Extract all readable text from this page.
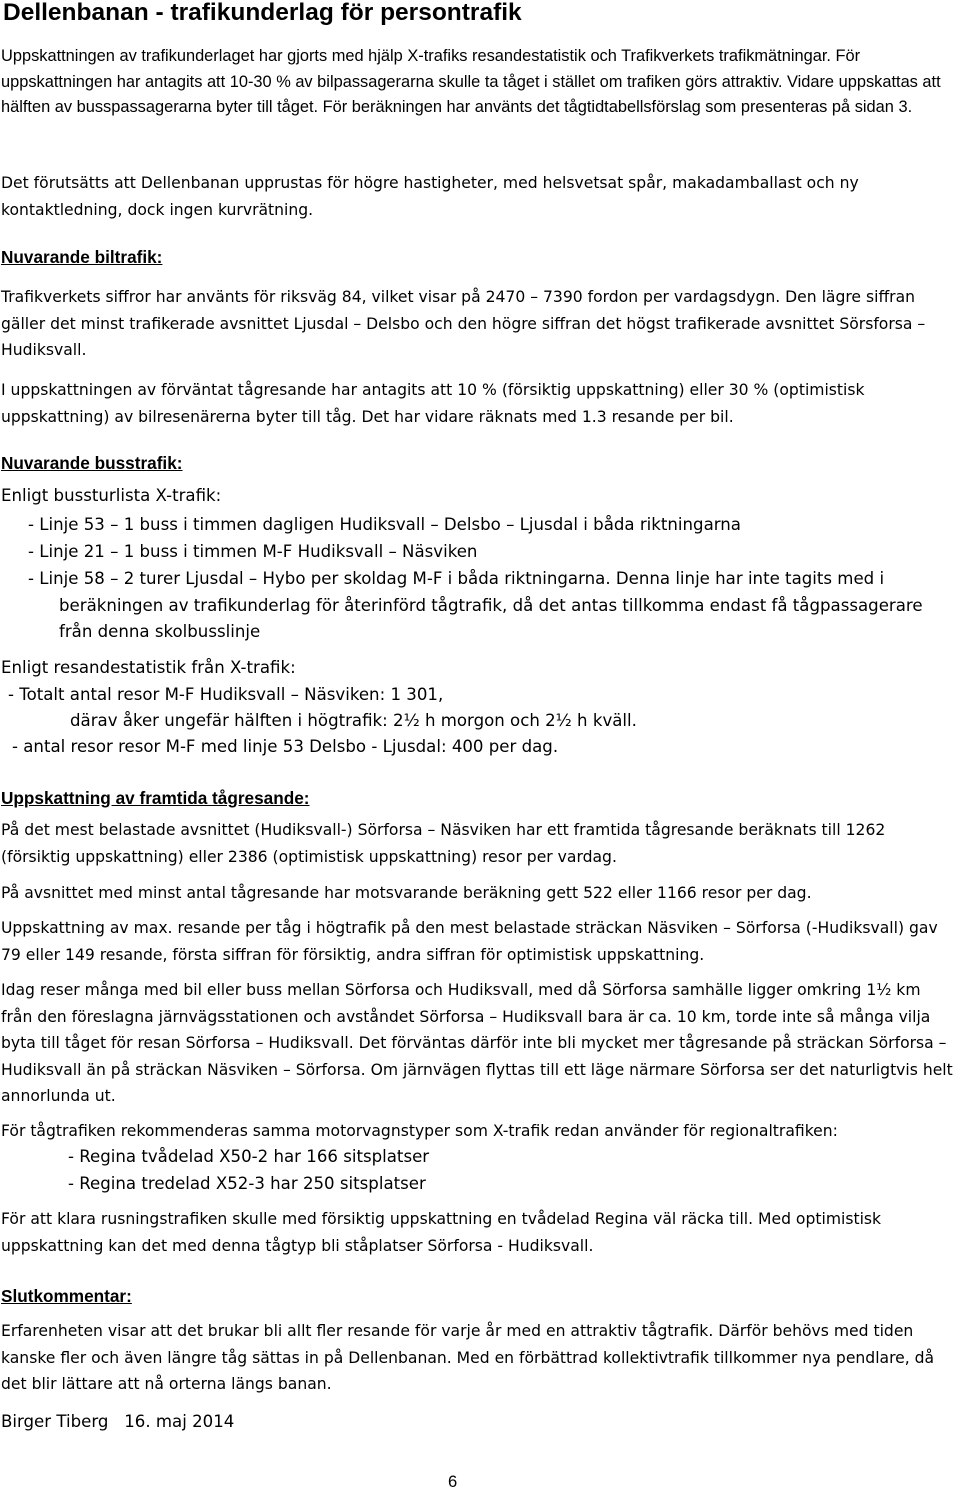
Dellenbanan - trafikunderlag för persontrafik
Uppskattningen av trafikunderlaget har gjorts med hjälp X-trafiks resandestatistik och Trafikverkets trafikmätningar. För uppskattningen har antagits att 10-30 % av bilpassagerarna skulle ta tåget i stället om trafiken görs attraktiv. Vidare uppskattas att hälften av busspassagerarna byter till tåget. För beräkningen har använts det tågtidtabellsförslag som presenteras på sidan 3.
Det förutsätts att Dellenbanan upprustas för högre hastigheter, med helsvetsat spår, makadamballast och ny kontaktledning, dock ingen kurvrätning.
Nuvarande biltrafik:
Trafikverkets siffror har använts för riksväg 84, vilket visar på 2470 – 7390 fordon per vardagsdygn. Den lägre siffran gäller det minst trafikerade avsnittet Ljusdal – Delsbo och den högre siffran det högst trafikerade avsnittet Sörsforsa – Hudiksvall.
I uppskattningen av förväntat tågresande har antagits att 10 % (försiktig uppskattning) eller 30 % (optimistisk uppskattning) av bilresenärerna byter till tåg. Det har vidare räknats med 1.3 resande per bil.
Nuvarande busstrafik:
Enligt bussturlista X-trafik:
- Linje 53 – 1 buss i timmen dagligen Hudiksvall – Delsbo – Ljusdal i båda riktningarna
- Linje 21 – 1 buss i timmen M-F Hudiksvall – Näsviken
- Linje 58 – 2 turer Ljusdal – Hybo per skoldag M-F i båda riktningarna. Denna linje har inte tagits med i
beräkningen av trafikunderlag för återinförd tågtrafik, då det antas tillkomma endast få tågpassagerare från denna skolbusslinje
Enligt resandestatistik från X-trafik:
- Totalt antal resor M-F Hudiksvall – Näsviken: 1 301,
därav åker ungefär hälften i högtrafik: 2½ h morgon och 2½ h kväll.
- antal resor resor M-F med linje 53 Delsbo - Ljusdal: 400 per dag.
Uppskattning av framtida tågresande:
På det mest belastade avsnittet (Hudiksvall-) Sörforsa – Näsviken har ett framtida tågresande beräknats till 1262 (försiktig uppskattning) eller 2386 (optimistisk uppskattning) resor per vardag.
På avsnittet med minst antal tågresande har motsvarande beräkning gett 522 eller 1166 resor per dag.
Uppskattning av max. resande per tåg i högtrafik på den mest belastade sträckan Näsviken – Sörforsa (-Hudiksvall) gav 79 eller 149 resande, första siffran för försiktig, andra siffran för optimistisk uppskattning.
Idag reser många med bil eller buss mellan Sörforsa och Hudiksvall, med då Sörforsa samhälle ligger omkring 1½ km från den föreslagna järnvägsstationen och avståndet Sörforsa – Hudiksvall bara är ca. 10 km, torde inte så många vilja byta till tåget för resan Sörforsa – Hudiksvall. Det förväntas därför inte bli mycket mer tågresande på sträckan Sörforsa – Hudiksvall än på sträckan Näsviken – Sörforsa. Om järnvägen flyttas till ett läge närmare Sörforsa ser det naturligtvis helt annorlunda ut.
För tågtrafiken rekommenderas samma motorvagnstyper som X-trafik redan använder för regionaltrafiken:
- Regina tvådelad X50-2 har 166 sitsplatser
- Regina tredelad X52-3 har 250 sitsplatser
För att klara rusningstrafiken skulle med försiktig uppskattning en tvådelad Regina väl räcka till. Med optimistisk uppskattning kan det med denna tågtyp bli ståplatser Sörforsa - Hudiksvall.
Slutkommentar:
Erfarenheten visar att det brukar bli allt fler resande för varje år med en attraktiv tågtrafik. Därför behövs med tiden kanske fler och även längre tåg sättas in på Dellenbanan. Med en förbättrad kollektivtrafik tillkommer nya pendlare, då det blir lättare att nå orterna längs banan.
Birger Tiberg   16. maj 2014
6
